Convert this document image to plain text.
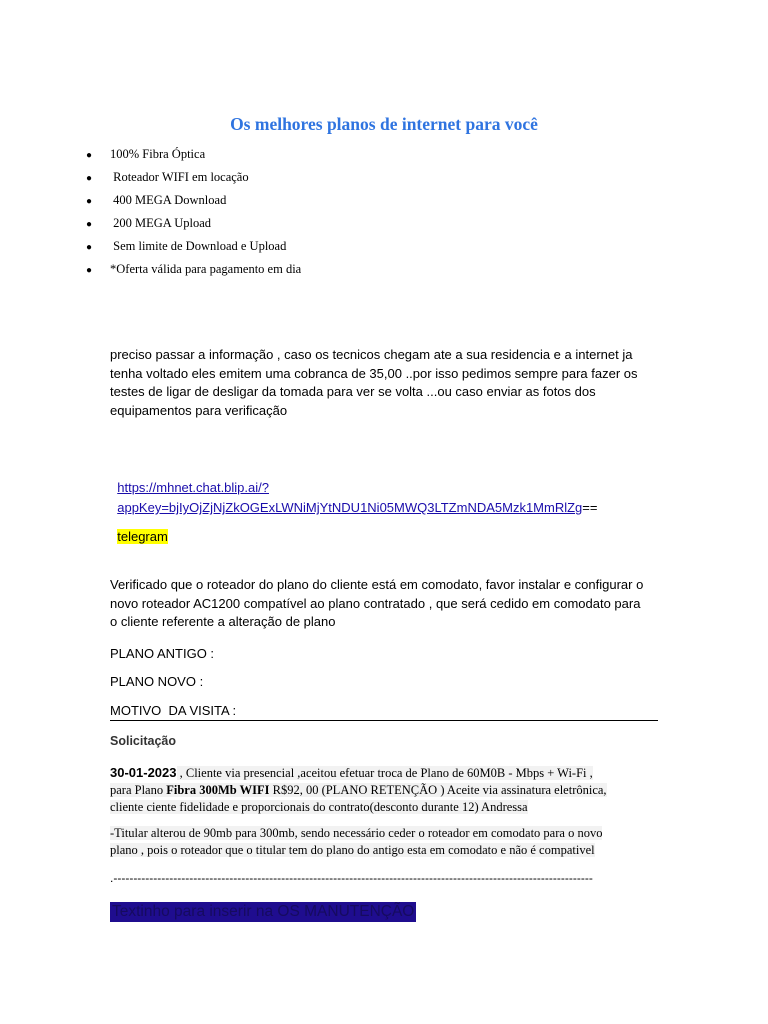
Os melhores planos de internet para você
● 100% Fibra Óptica
● Roteador WIFI em locação
● 400 MEGA Download
● 200 MEGA Upload
● Sem limite de Download e Upload
● *Oferta válida para pagamento em dia
preciso passar a informação , caso os tecnicos chegam ate a sua residencia e a internet ja tenha voltado eles emitem uma cobranca de 35,00 ..por isso pedimos sempre para fazer os testes de ligar de desligar da tomada para ver se volta ...ou caso enviar as fotos dos equipamentos para verificação

https://mhnet.chat.blip.ai/?

appKey=bjIyOjZjNjZkOGExLWNiMjYtNDU1Ni05MWQ3LTZmNDA5Mzk1MmRlZg==

telegram

Verificado que o roteador do plano do cliente está em comodato, favor instalar e configurar o novo roteador AC1200 compatível ao plano contratado , que será cedido em comodato para o cliente referente a alteração de plano
PLANO ANTIGO :
PLANO NOVO :
MOTIVO  DA VISITA :
Solicitação
30-01-2023 , Cliente via presencial ,aceitou efetuar troca de Plano de 60M0B - Mbps + Wi-Fi ,
para Plano Fibra 300Mb WIFI R$92, 00 (PLANO RETENÇÃO ) Aceite via assinatura eletrônica,
cliente ciente fidelidade e proporcionais do contrato(desconto durante 12) Andressa
-Titular alterou de 90mb para 300mb, sendo necessário ceder o roteador em comodato para o novo
plano , pois o roteador que o titular tem do plano do antigo esta em comodato e não é compativel
.------------------------------------------------------------------------------------------------------------------------
Textinho para inserir na OS MANUTENÇÃO
